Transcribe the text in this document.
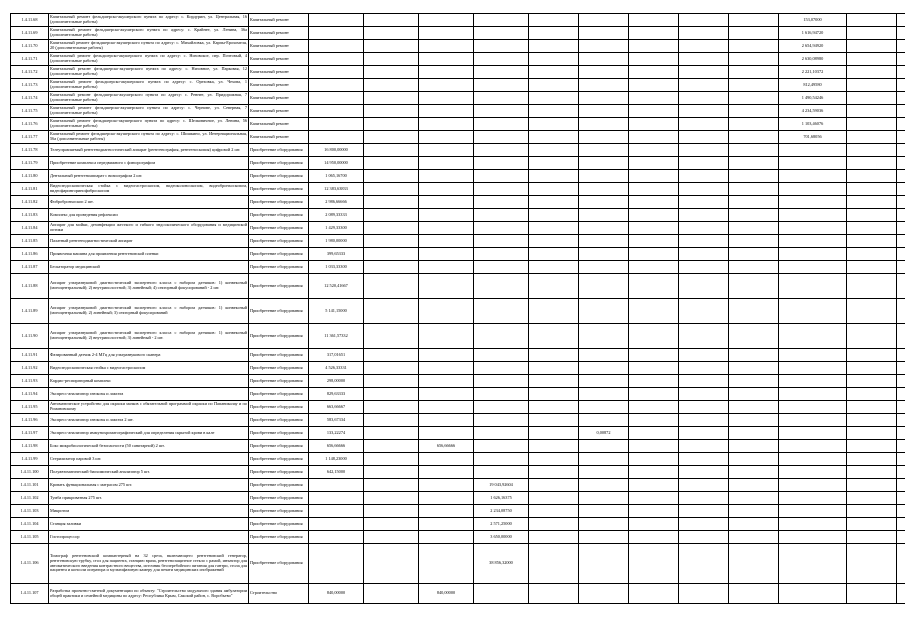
1.4.11.68	Капитальный ремонт фельдшерско-акушерского пункта по адресу: с. Кордурин, ул. Центральная, 16 (дополнительные работы)	Капитальный ремонт										153,07000		
1.4.11.69	Капитальный ремонт фельдшерско-акушерского пункта по адресу: с. Крайнее, ул. Ленина, 36а (дополнительные работы)	Капитальный ремонт										1 616,94720		
1.4.11.70	Капитальный ремонт фельдшерско-акушерского пункта по адресу: с. Михайловка, ул. Карпы-Ерохомеля, 20 (дополнительные работы)	Капитальный ремонт										2 654,94920		
1.4.11.71	Капитальный ремонт фельдшерско-акушерского пункта по адресу: с. Низовское, пер. Почтовый, 4 (дополнительные работы)	Капитальный ремонт										2 630,08980		
1.4.11.72	Капитальный ремонт фельдшерско-акушерского пункта по адресу: с. Низовное, ул. Парковая, 12 (дополнительные работы)	Капитальный ремонт										2 221,10372		
1.4.11.73	Капитальный ремонт фельдшерско-акушерского пункта по адресу: с. Ореховка, ул. Чехова, 1 (дополнительные работы)	Капитальный ремонт										812,49580		
1.4.11.74	Капитальный ремонт фельдшерско-акушерского пункта по адресу: с. Реннее, ул. Придорожная, 7 (дополнительные работы)	Капитальный ремонт										1 490,54246		
1.4.11.75	Капитальный ремонт фельдшерско-акушерского пункта по адресу: с. Чернове, ул. Северная, 7 (дополнительные работы)	Капитальный ремонт										4 234,59036		
1.4.11.76	Капитальный ремонт фельдшерско-акушерского пункта по адресу: с. Шелковичное, ул. Ленина, 56 (дополнительные работы)	Капитальный ремонт										1 103,46076		
1.4.11.77	Капитальный ремонт фельдшерско-акушерского пункта по адресу: с. Шишкино, ул. Интернациональная, 56а (дополнительные работы)	Капитальный ремонт										701,68056		
1.4.11.78	Телеуправляемый рентгенодиагностический аппарат (рентгенография, рентгеноскопия) цифровой 2 шт.	Приобретение оборудования	16 800,00000											
1.4.11.79	Приобретение комплекса передвижного с флюорографом	Приобретение оборудования	14 950,00000											
1.4.11.80	Дентальный рентгеноаппарат с визиографом 2 шт.	Приобретение оборудования	1 065,16700											
1.4.11.81	Видеоэндоскопическая стойка с видеогастроскопом, видеоколоноскопом, видеобронхоскопом, видеофарингоринофиброскопом	Приобретение оборудования	12 383,63833											
1.4.11.82	Фибробронхоскоп 2 шт.	Приобретение оборудования	2 986,66666											
1.4.11.83	Комплекс для проведения рефлексии	Приобретение оборудования	2 089,33333											
1.4.11.84	Аппарат для мойки, дезинфекции жесткого и гибкого эндоскопического оборудования и медицинской оптики	Приобретение оборудования	1 429,33300											
1.4.11.85	Палатный рентгенодиагностический аппарат	Приобретение оборудования	1 980,00000											
1.4.11.86	Проявочная машина для проявления рентгеновской пленки	Приобретение оборудования	399,65333											
1.4.11.87	Бескаторатор медицинский	Приобретение оборудования	1 033,33300											
1.4.11.88	Аппарат ультразвуковой диагностический экспертного класса с набором датчиков: 1) конвексный (моноцентральный); 2) внутриполостной; 3) линейный; 4) секторный фокусирований - 2 шт.	Приобретение оборудования	12 520,41667											
1.4.11.89	Аппарат ультразвуковой диагностический экспертного класса с набором датчиков: 1) конвексный (моноцентральный); 2) линейный; 3) секторный фокусирований	Приобретение оборудования	5 141,15000											
1.4.11.90	Аппарат ультразвуковой диагностический экспертного класса с набором датчиков: 1) конвексный (моноцентральный); 2) внутриполостной; 3) линейный - 2 шт.	Приобретение оборудования	11 361,57332											
1.4.11.91	Фазированный датчик 2-4 МГц для ультразвукового сканера	Приобретение оборудования	317,01651											
1.4.11.92	Видеоэндоскопическая стойка с видеогастроскопом	Приобретение оборудования	4 526,33331											
1.4.11.93	Кардио-респираторный комплекс	Приобретение оборудования	298,00000											
1.4.11.94	Экспресс-анализатор глюкозы и лактата	Приобретение оборудования	829,63333											
1.4.11.95	Автоматическое устройство для окраски мазков с обязательной программой окраски по Папаниколау и по Романовскому	Приобретение оборудования	663,66667											
1.4.11.96	Экспресс-анализатор глюкозы и лактата 2 шт.	Приобретение оборудования	583,67334											
1.4.11.97	Экспресс-анализатор иммунохроматографический для определения скрытой крови в кале	Приобретение оборудования	133,22274					0,00872						
1.4.11.98	Бокс микробиологической безопасности (50 санитарной) 2 шт.	Приобретение оборудования	656,66666		656,66666									
1.4.11.99	Стерилизатор паровой 3 шт.	Приобретение оборудования	1 148,23000											
1.4.11.100	Полуавтоматический биохимический анализатор 5 шт.	Приобретение оборудования	642,15000											
1.4.11.101	Кровать функциональная с матрасом 275 шт.	Приобретение оборудования				19 043,92604								
1.4.11.102	Тумба прикроватная 275 шт.	Приобретение оборудования				1 626,16375								
1.4.11.103	Микротом	Приобретение оборудования				2 234,08750								
1.4.11.104	Станция заливки	Приобретение оборудования				2 571,25000								
1.4.11.105	Гистопроцессор	Приобретение оборудования				3 650,00000								
1.4.11.106	Томограф рентгеновский компьютерный на 32 среза, включающего рентгеновский генератор, рентгеновскую трубку, стол для пациента, станцию врача, рентгенозащитное стекло с рамой, инъектор для автоматического введения контрастного вещества, источник бесперебойного питания для гантри, стола для пациента и консоли оператора и мультифазовую камеру для печати медицинских изображений	Приобретение оборудования				38 856,32000								
1.4.11.107	Разработка проектно-сметной документации по объекту: "Строительство модульного здания амбулатории общей практики и семейной медицины по адресу: Республика Крым, Сакский район, с. Воробьево"	Строительство	840,00000		840,00000									
